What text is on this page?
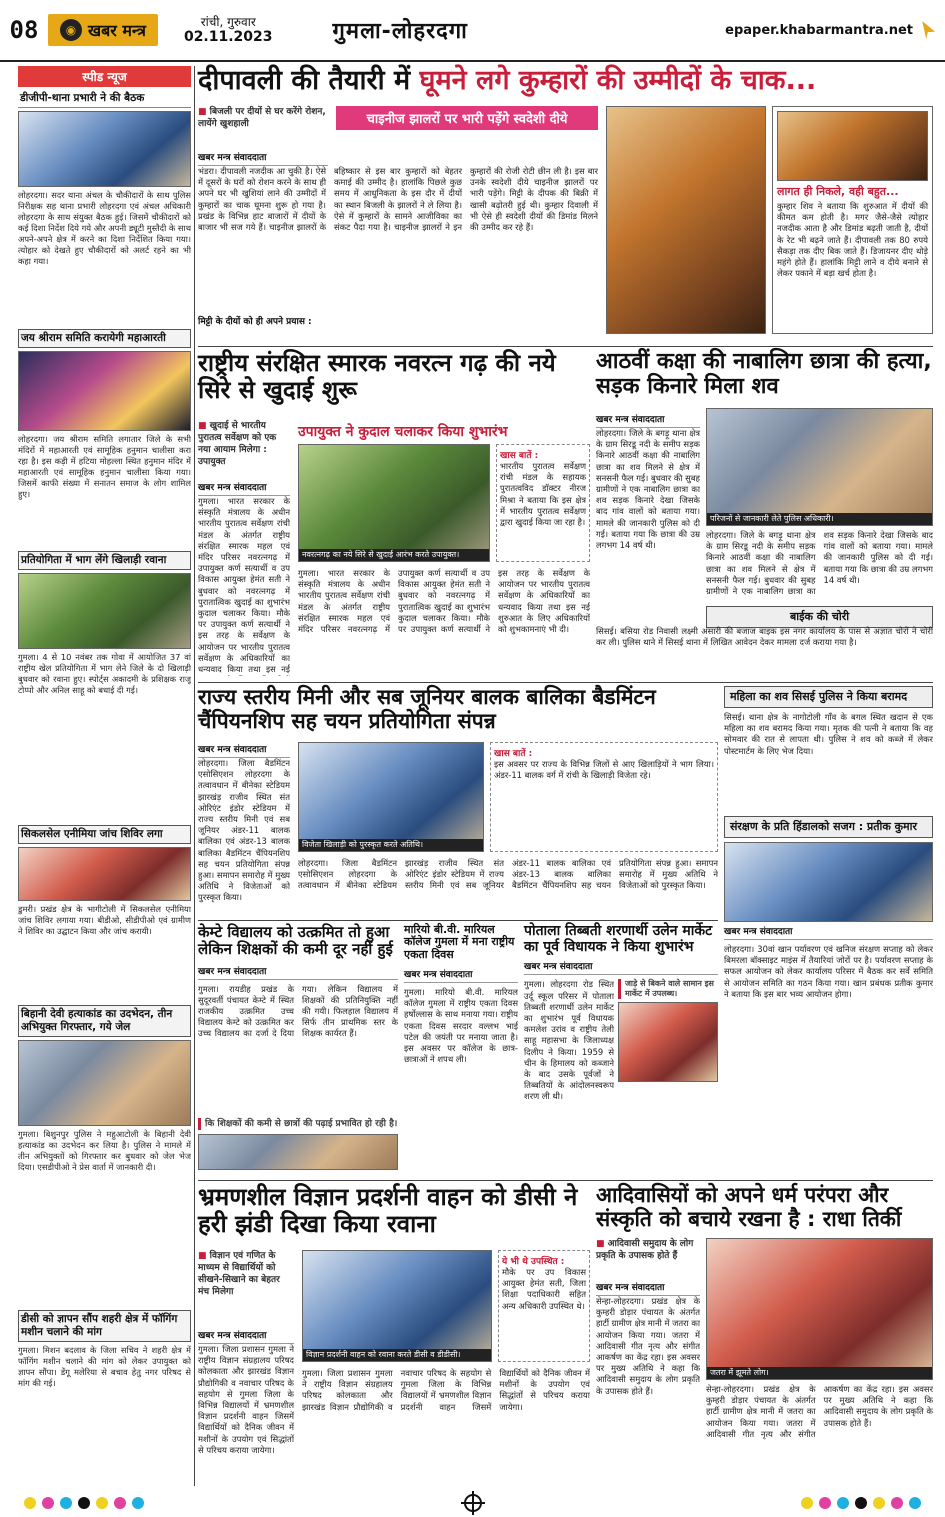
08	◉ खबर मन्त्र	रांची, गुरुवार
02.11.2023	गुमला-लोहरदगा	epaper.khabarmantra.net
स्पीड न्यूज
डीजीपी-थाना प्रभारी ने की बैठक
लोहरदगा। सदर थाना अंचल के चौकीदारों के साथ पुलिस निरीक्षक सह थाना प्रभारी लोहरदगा एवं अंचल अधिकारी लोहरदगा के साथ संयुक्त बैठक हुई। जिसमें चौकीदारों को कई दिशा निर्देश दिये गये और अपनी ड्यूटी मुस्तैदी के साथ अपने-अपने क्षेत्र में करने का दिशा निर्देशित किया गया। त्योहार को देखते हुए चौकीदारों को अलर्ट रहने का भी कहा गया।
जय श्रीराम समिति करायेगी महाआरती
लोहरदगा। जय श्रीराम समिति लगातार जिले के सभी मंदिरों में महाआरती एवं सामूहिक हनुमान चालीसा करा रहा है। इस कड़ी में हटिया मोहल्ला स्थित हनुमान मंदिर में महाआरती एवं सामूहिक हनुमान चालीसा किया गया। जिसमें काफी संख्या में सनातन समाज के लोग शामिल हुए।
प्रतियोगिता में भाग लेंगे खिलाड़ी रवाना
गुमला। 4 से 10 नवंबर तक गोवा में आयोजित 37 वां राष्ट्रीय खेल प्रतियोगिता में भाग लेने जिले के दो खिलाड़ी बुधवार को रवाना हुए। स्पोर्ट्स अकादमी के प्रशिक्षक राजू टोप्पो और अनिल साहू को बधाई दी गई।
सिकलसेल एनीमिया जांच शिविर लगा
डुमरी। प्रखंड क्षेत्र के भागीटोली में सिकलसेल एनीमिया जांच शिविर लगाया गया। बीडीओ, सीडीपीओ एवं ग्रामीण ने शिविर का उद्घाटन किया और जांच करायी।
बिहानी देवी हत्याकांड का उदभेदन, तीन अभियुक्त गिरफ्तार, गये जेल
गुमला। बिशुनपुर पुलिस ने महुआटोली के बिहानी देवी हत्याकांड का उदभेदन कर लिया है। पुलिस ने मामले में तीन अभियुक्तों को गिरफ्तार कर बुधवार को जेल भेज दिया। एसडीपीओ ने प्रेस वार्ता में जानकारी दी।
डीसी को ज्ञापन सौंप शहरी क्षेत्र में फॉगिंग मशीन चलाने की मांग
गुमला। मिशन बदलाव के जिला सचिव ने शहरी क्षेत्र में फॉगिंग मशीन चलाने की मांग को लेकर उपायुक्त को ज्ञापन सौंपा। डेंगू मलेरिया से बचाव हेतु नगर परिषद से मांग की गई।
दीपावली की तैयारी में घूमने लगे कुम्हारों की उम्मीदों के चाक...
■ बिजली पर दीयों से घर करेंगे रोशन, लायेंगे खुशहाली	चाइनीज झालरों पर भारी पड़ेंगे स्वदेशी दीये
खबर मन्त्र संवाददाता
भंडरा। दीपावली नजदीक आ चुकी है। ऐसे में दूसरों के घरों को रोशन करने के साथ ही अपने घर भी खुशियां लाने की उम्मीदों में कुम्हारों का चाक घूमना शुरू हो गया है। प्रखंड के विभिन्न हाट बाजारों में दीयों के बाजार भी सज गये हैं। चाइनीज झालरों के बहिष्कार से इस बार कुम्हारों को बेहतर कमाई की उम्मीद है। हालांकि पिछले कुछ समय में आधुनिकता के इस दौर में दीयों का स्थान बिजली के झालरों ने ले लिया है। ऐसे में कुम्हारों के सामने आजीविका का संकट पैदा गया है। चाइनीज झालरों ने इन कुम्हारों की रोजी रोटी छीन ली है। इस बार उनके स्वदेशी दीये चाइनीज झालरों पर भारी पड़ेंगे। मिट्टी के दीपक की बिक्री में खासी बढ़ोतरी हुई थी। कुम्हार दिवाली में भी ऐसे ही स्वदेशी दीयों की डिमांड मिलने की उम्मीद कर रहे हैं।
मिट्टी के दीयों को ही अपने प्रयास :
लागत ही निकले, वही बहुत...
कुम्हार शिव ने बताया कि शुरुआत में दीयों की कीमत कम होती है। मगर जैसे-जैसे त्योहार नजदीक आता है और डिमांड बढ़ती जाती है, दीयों के रेट भी बढ़ने जाते हैं। दीपावली तक 80 रुपये सैकड़ा तक दीए बिक जाते हैं। डिजायनर दीए थोड़े महंगे होते हैं। हालांकि मिट्टी लाने व दीये बनाने से लेकर पकाने में बड़ा खर्च होता है।
राष्ट्रीय संरक्षित स्मारक नवरत्न गढ़ की नये सिरे से खुदाई शुरू
■ खुदाई से भारतीय पुरातत्व सर्वेक्षण को एक नया आयाम मिलेगा : उपायुक्त
उपायुक्त ने कुदाल चलाकर किया शुभारंभ
खबर मन्त्र संवाददाता
गुमला। भारत सरकार के संस्कृति मंत्रालय के अधीन भारतीय पुरातत्व सर्वेक्षण रांची मंडल के अंतर्गत राष्ट्रीय संरक्षित स्मारक महल एवं मंदिर परिसर नवरत्नगढ़ में उपायुक्त कर्ण सत्यार्थी व उप विकास आयुक्त हेमंत सती ने बुधवार को नवरत्नगढ़ में पुरातात्विक खुदाई का शुभारंभ कुदाल चलाकर किया। मौके पर उपायुक्त कर्ण सत्यार्थी ने इस तरह के सर्वेक्षण के आयोजन पर भारतीय पुरातत्व सर्वेक्षण के अधिकारियों का धन्यवाद किया तथा इस नई
नवरत्नगढ़ का नये सिरे से खुदाई आरंभ करते उपायुक्त।
खास बातें :
भारतीय पुरातत्व सर्वेक्षण रांची मंडल के सहायक पुरातत्वविद डॉक्टर नीरज मिश्रा ने बताया कि इस क्षेत्र में भारतीय पुरातत्व सर्वेक्षण द्वारा खुदाई किया जा रहा है।
गुमला। भारत सरकार के संस्कृति मंत्रालय के अधीन भारतीय पुरातत्व सर्वेक्षण रांची मंडल के अंतर्गत राष्ट्रीय संरक्षित स्मारक महल एवं मंदिर परिसर नवरत्नगढ़ में उपायुक्त कर्ण सत्यार्थी व उप विकास आयुक्त हेमंत सती ने बुधवार को नवरत्नगढ़ में पुरातात्विक खुदाई का शुभारंभ कुदाल चलाकर किया। मौके पर उपायुक्त कर्ण सत्यार्थी ने इस तरह के सर्वेक्षण के आयोजन पर भारतीय पुरातत्व सर्वेक्षण के अधिकारियों का धन्यवाद किया तथा इस नई शुरुआत के लिए अधिकारियों को शुभकामनाएं भी दी।
आठवीं कक्षा की नाबालिग छात्रा की हत्या, सड़क किनारे मिला शव
खबर मन्त्र संवाददाता
लोहरदगा। जिले के बगड़ू थाना क्षेत्र के ग्राम सिरडू नदी के समीप सड़क किनारे आठवीं कक्षा की नाबालिग छात्रा का शव मिलने से क्षेत्र में सनसनी फैल गई। बुधवार की सुबह ग्रामीणों ने एक नाबालिग छात्रा का शव सड़क किनारे देखा जिसके बाद गांव वालों को बताया गया। मामले की जानकारी पुलिस को दी गई। बताया गया कि छात्रा की उम्र लगभग 14 वर्ष थी।
परिजनों से जानकारी लेते पुलिस अधिकारी।
लोहरदगा। जिले के बगड़ू थाना क्षेत्र के ग्राम सिरडू नदी के समीप सड़क किनारे आठवीं कक्षा की नाबालिग छात्रा का शव मिलने से क्षेत्र में सनसनी फैल गई। बुधवार की सुबह ग्रामीणों ने एक नाबालिग छात्रा का शव सड़क किनारे देखा जिसके बाद गांव वालों को बताया गया। मामले की जानकारी पुलिस को दी गई। बताया गया कि छात्रा की उम्र लगभग 14 वर्ष थी।
बाईक की चोरी
सिसई। बसिया रोड निवासी लक्ष्मी अंसारी की बजाज बाइक इस नगर कार्यालय के पास से अज्ञात चोरों ने चोरी कर ली। पुलिस थाने में सिसई थाना में लिखित आवेदन देकर मामला दर्ज कराया गया है।
राज्य स्तरीय मिनी और सब जूनियर बालक बालिका बैडमिंटन चैंपियनशिप सह चयन प्रतियोगिता संपन्न
खबर मन्त्र संवाददाता
लोहरदगा। जिला बैडमिंटन एसोसिएशन लोहरदगा के तत्वावधान में बीनेका स्टेडियम झारखंड़ राजीव स्थित संत ओरिएंट इंडोर स्टेडियम में राज्य स्तरीय मिनी एवं सब जूनियर अंडर-11 बालक बालिका एवं अंडर-13 बालक बालिका बैडमिंटन चैंपियनशिप सह चयन प्रतियोगिता संपन्न हुआ। समापन समारोह में मुख्य अतिथि ने विजेताओं को पुरस्कृत किया।
विजेता खिलाड़ी को पुरस्कृत करते अतिथि।
खास बातें :
इस अवसर पर राज्य के विभिन्न जिलों से आए खिलाड़ियों ने भाग लिया। अंडर-11 बालक वर्ग में रांची के खिलाड़ी विजेता रहे।
लोहरदगा। जिला बैडमिंटन एसोसिएशन लोहरदगा के तत्वावधान में बीनेका स्टेडियम झारखंड़ राजीव स्थित संत ओरिएंट इंडोर स्टेडियम में राज्य स्तरीय मिनी एवं सब जूनियर अंडर-11 बालक बालिका एवं अंडर-13 बालक बालिका बैडमिंटन चैंपियनशिप सह चयन प्रतियोगिता संपन्न हुआ। समापन समारोह में मुख्य अतिथि ने विजेताओं को पुरस्कृत किया।
महिला का शव सिसई पुलिस ने किया बरामद
सिसई। थाना क्षेत्र के नागोटोली गाँव के बगल स्थित खदान से एक महिला का शव बरामद किया गया। मृतक की पत्नी ने बताया कि वह सोमवार की रात से लापता थी। पुलिस ने शव को कब्जे में लेकर पोस्टमार्टम के लिए भेज दिया।
संरक्षण के प्रति हिंडालको सजग : प्रतीक कुमार
केम्टे विद्यालय को उत्क्रमित तो हुआ लेकिन शिक्षकों की कमी दूर नहीं हुई
खबर मन्त्र संवाददाता
गुमला। रायडीह प्रखंड के सुदूरवर्ती पंचायत केम्टे में स्थित राजकीय उत्क्रमित उच्च विद्यालय केम्टे को उत्क्रमित कर उच्च विद्यालय का दर्जा दे दिया गया। लेकिन विद्यालय में शिक्षकों की प्रतिनियुक्ति नहीं की गयी। फिलहाल विद्यालय में सिर्फ तीन प्राथमिक स्तर के शिक्षक कार्यरत हैं।
कि शिक्षकों की कमी से छात्रों की पढ़ाई प्रभावित हो रही है।
मारियो बी.वी. मारियल कॉलेज गुमला में मना राष्ट्रीय एकता दिवस
खबर मन्त्र संवाददाता
गुमला। मारियो बी.वी. मारियल कॉलेज गुमला में राष्ट्रीय एकता दिवस हर्षोल्लास के साथ मनाया गया। राष्ट्रीय एकता दिवस सरदार वल्लभ भाई पटेल की जयंती पर मनाया जाता है। इस अवसर पर कॉलेज के छात्र-छात्राओं ने शपथ ली।
पोताला तिब्बती शरणार्थी उलेन मार्केट का पूर्व विधायक ने किया शुभारंभ
खबर मन्त्र संवाददाता
गुमला। लोहरदगा रोड स्थित उर्दू स्कूल परिसर में पोताला तिब्बती शरणार्थी उलेन मार्केट का शुभारंभ पूर्व विधायक कमलेश उरांव व राष्ट्रीय तेली साहू महासभा के जिलाध्यक्ष दिलीप ने किया। 1959 से चीन के हिमालय को कब्जाने के बाद उसके पूर्वजों ने तिब्बतियों के आंदोलनस्वरूप शरण ली थी।
जाड़े से बिकने वाले सामान इस मार्केट में उपलब्ध।
खबर मन्त्र संवाददाता
लोहरदगा। 30वां खान पर्यावरण एवं खनिज संरक्षण सप्ताह को लेकर बिमरला बॉक्साइट माइंस में तैयारियां जोरों पर है। पर्यावरण सप्ताह के सफल आयोजन को लेकर कार्यालय परिसर में बैठक कर सर्वे समिति से आयोजन समिति का गठन किया गया। खान प्रबंधक प्रतीक कुमार ने बताया कि इस बार भव्य आयोजन होगा।
भ्रमणशील विज्ञान प्रदर्शनी वाहन को डीसी ने हरी झंडी दिखा किया रवाना
■ विज्ञान एवं गणित के माध्यम से विद्यार्थियों को सीखने-सिखाने का बेहतर मंच मिलेगा
विज्ञान प्रदर्शनी वाहन को रवाना करते डीसी व डीडीसी।
ये भी थे उपस्थित :
मौके पर उप विकास आयुक्त हेमंत सती, जिला शिक्षा पदाधिकारी सहित अन्य अधिकारी उपस्थित थे।
खबर मन्त्र संवाददाता
गुमला। जिला प्रशासन गुमला ने राष्ट्रीय विज्ञान संग्रहालय परिषद कोलकाता और झारखंड विज्ञान प्रौद्योगिकी व नवाचार परिषद के सहयोग से गुमला जिला के विभिन्न विद्यालयों में भ्रमणशील विज्ञान प्रदर्शनी वाहन जिसमें विद्यार्थियों को दैनिक जीवन में मशीनों के उपयोग एवं सिद्धांतों से परिचय कराया जायेगा।
गुमला। जिला प्रशासन गुमला ने राष्ट्रीय विज्ञान संग्रहालय परिषद कोलकाता और झारखंड विज्ञान प्रौद्योगिकी व नवाचार परिषद के सहयोग से गुमला जिला के विभिन्न विद्यालयों में भ्रमणशील विज्ञान प्रदर्शनी वाहन जिसमें विद्यार्थियों को दैनिक जीवन में मशीनों के उपयोग एवं सिद्धांतों से परिचय कराया जायेगा।
आदिवासियों को अपने धर्म परंपरा और संस्कृति को बचाये रखना है : राधा तिर्की
■ आदिवासी समुदाय के लोग प्रकृति के उपासक होते हैं
खबर मन्त्र संवाददाता
सेन्हा-लोहरदगा। प्रखंड क्षेत्र के कुम्हरी डोड़ार पंचायत के अंतर्गत हार्टी ग्रामीण क्षेत्र मानी में जतरा का आयोजन किया गया। जतरा में आदिवासी गीत नृत्य और संगीत आकर्षण का केंद्र रहा। इस अवसर पर मुख्य अतिथि ने कहा कि आदिवासी समुदाय के लोग प्रकृति के उपासक होते हैं।
जतरा में झूमते लोग।
सेन्हा-लोहरदगा। प्रखंड क्षेत्र के कुम्हरी डोड़ार पंचायत के अंतर्गत हार्टी ग्रामीण क्षेत्र मानी में जतरा का आयोजन किया गया। जतरा में आदिवासी गीत नृत्य और संगीत आकर्षण का केंद्र रहा। इस अवसर पर मुख्य अतिथि ने कहा कि आदिवासी समुदाय के लोग प्रकृति के उपासक होते हैं।
